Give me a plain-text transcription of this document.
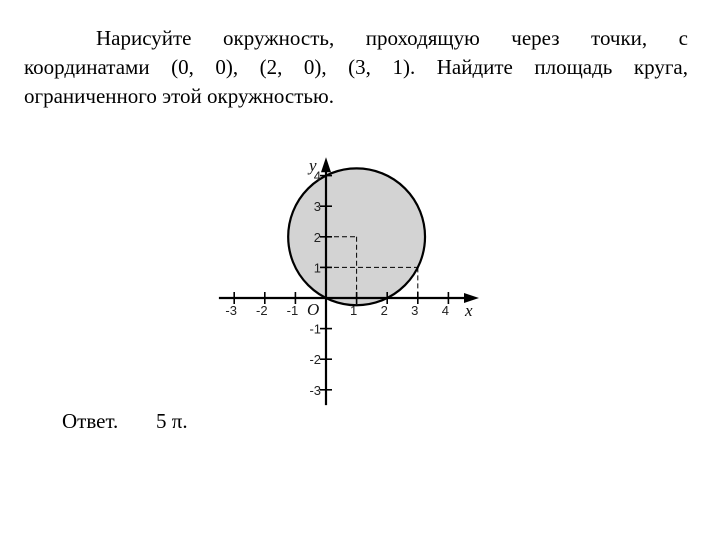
Нарисуйте окружность, проходящую через точки, с
координатами (0, 0), (2, 0), (3, 1). Найдите площадь круга,
ограниченного этой окружностью.
-3 -2 -1	1 2 3 4
-3
-2
-1
1
2
3
4
O	x
y
Ответ. 5 π.
